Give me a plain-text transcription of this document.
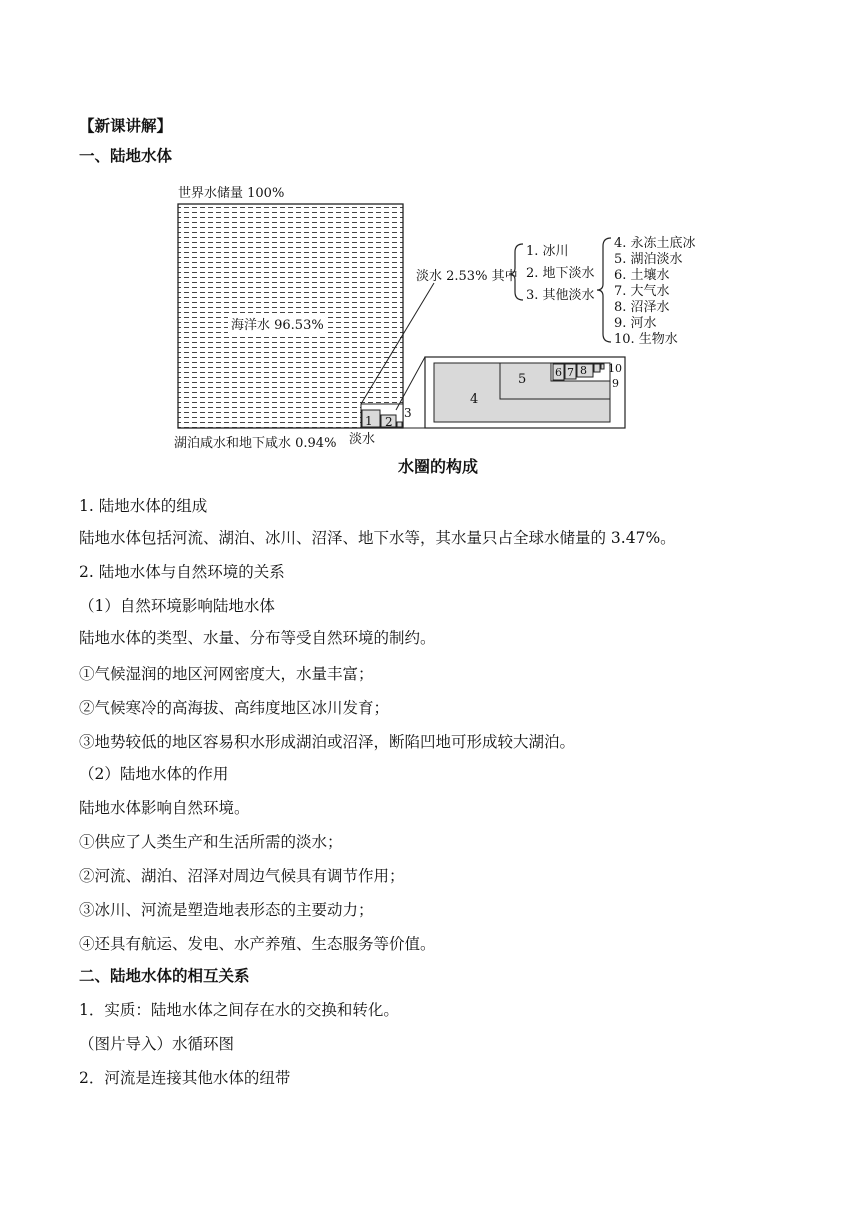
【新课讲解】
一、陆地水体
世界水储量 100%
海洋水 96.53%
1 2
3
淡水 2.53% 其中
湖泊咸水和地下咸水 0.94% 淡水
1. 冰川
2. 地下淡水
3. 其他淡水
4. 永冻土底冰
5. 湖泊淡水
6. 土壤水
7. 大气水
8. 沼泽水
9. 河水
10. 生物水
4
5	6 7 8
9
10
水圈的构成
1. 陆地水体的组成
陆地水体包括河流、湖泊、冰川、沼泽、地下水等，其水量只占全球水储量的 3.47%。
2. 陆地水体与自然环境的关系
（1）自然环境影响陆地水体
陆地水体的类型、水量、分布等受自然环境的制约。
①气候湿润的地区河网密度大，水量丰富；
②气候寒冷的高海拔、高纬度地区冰川发育；
③地势较低的地区容易积水形成湖泊或沼泽，断陷凹地可形成较大湖泊。
（2）陆地水体的作用
陆地水体影响自然环境。
①供应了人类生产和生活所需的淡水；
②河流、湖泊、沼泽对周边气候具有调节作用；
③冰川、河流是塑造地表形态的主要动力；
④还具有航运、发电、水产养殖、生态服务等价值。
二、陆地水体的相互关系
1．实质：陆地水体之间存在水的交换和转化。
（图片导入）水循环图
2．河流是连接其他水体的纽带
